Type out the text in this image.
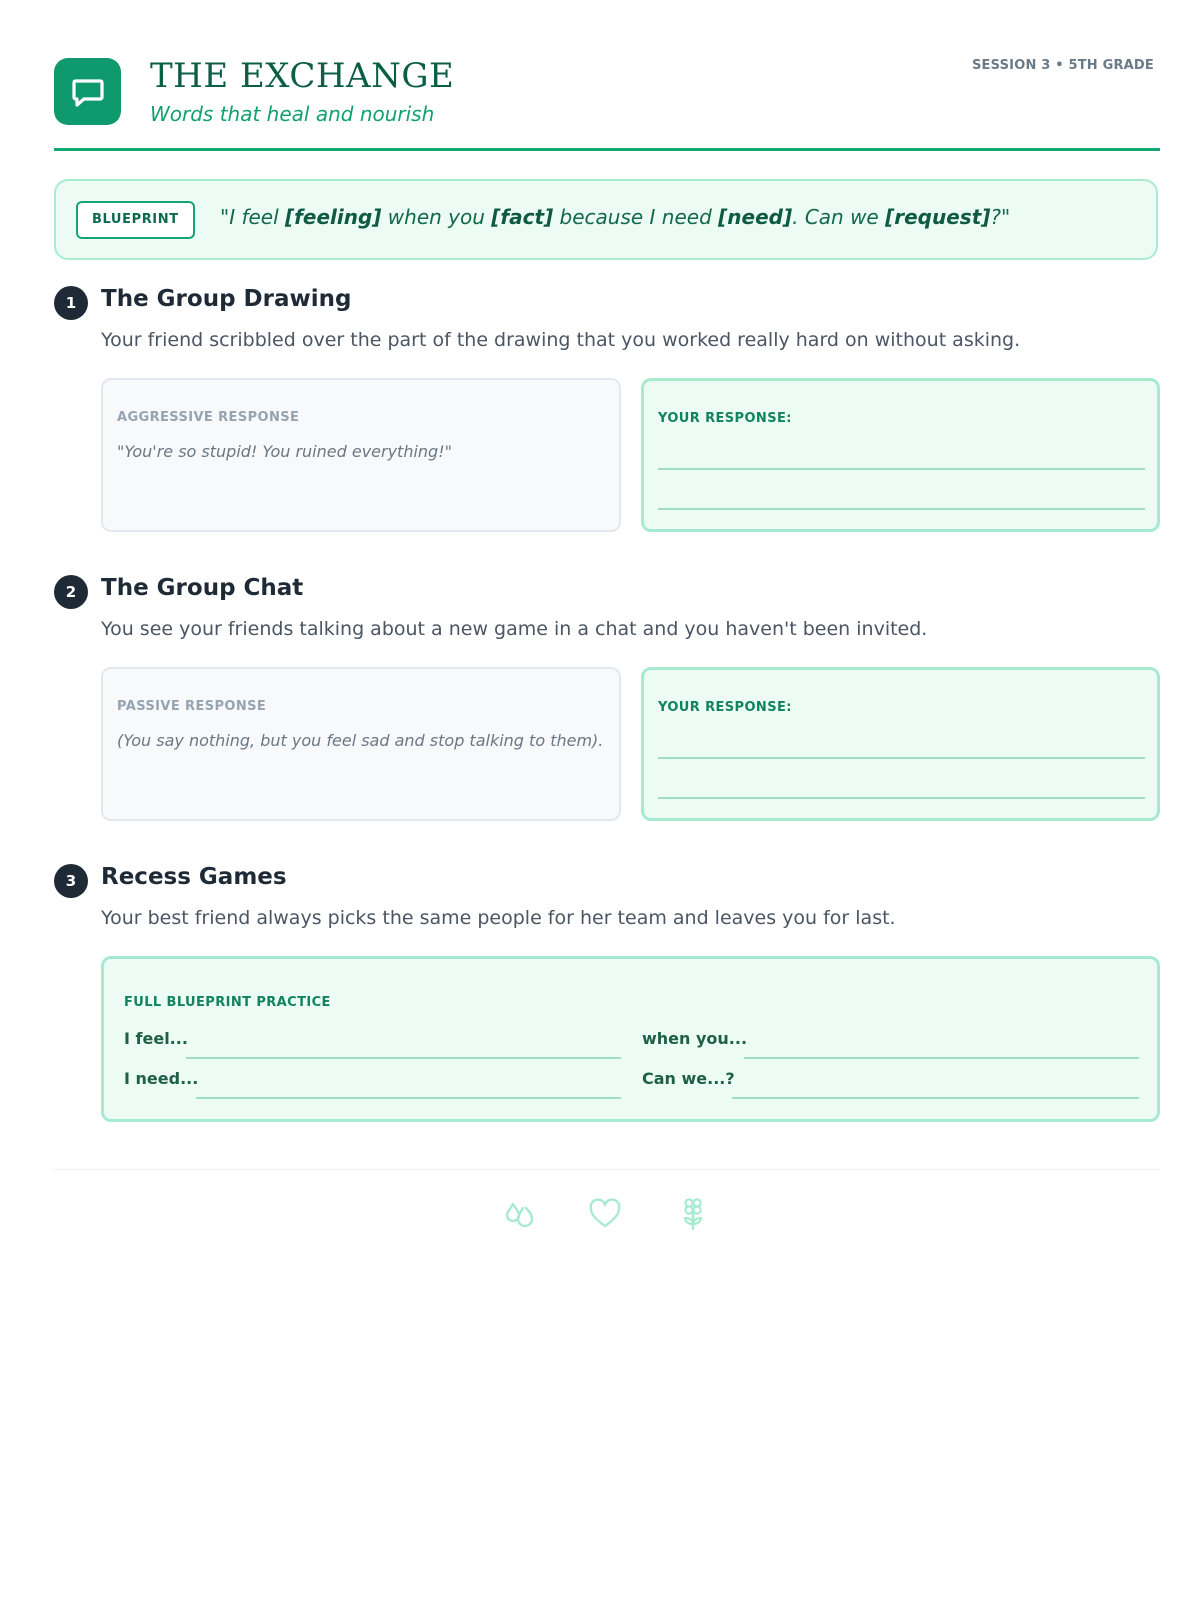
THE EXCHANGE
Words that heal and nourish
SESSION 3 • 5TH GRADE
BLUEPRINT	"I feel [feeling] when you [fact] because I need [need]. Can we [request]?"
1	The Group Drawing
Your friend scribbled over the part of the drawing that you worked really hard on without asking.
AGGRESSIVE RESPONSE
"You're so stupid! You ruined everything!"
YOUR RESPONSE:
2	The Group Chat
You see your friends talking about a new game in a chat and you haven't been invited.
PASSIVE RESPONSE
(You say nothing, but you feel sad and stop talking to them).
YOUR RESPONSE:
3	Recess Games
Your best friend always picks the same people for her team and leaves you for last.
FULL BLUEPRINT PRACTICE
I feel...	when you...
I need...	Can we...?
